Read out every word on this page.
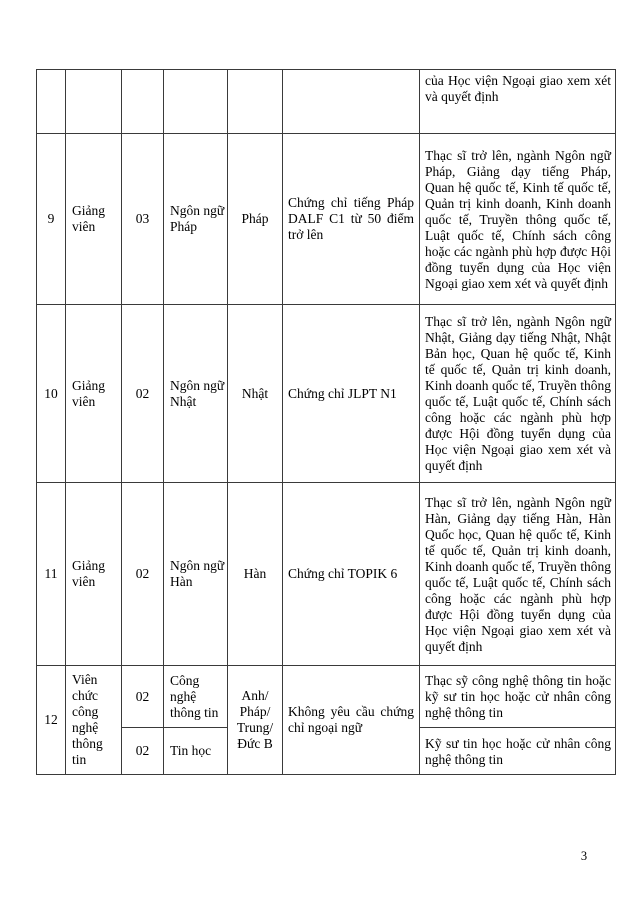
						của Học viện Ngoại giao xem xét và quyết định
9	Giảng viên	03	Ngôn ngữ Pháp	Pháp	Chứng chỉ tiếng Pháp DALF C1 từ 50 điểm trở lên	Thạc sĩ trở lên, ngành Ngôn ngữ Pháp, Giảng dạy tiếng Pháp, Quan hệ quốc tế, Kinh tế quốc tế, Quản trị kinh doanh, Kinh doanh quốc tế, Truyền thông quốc tế, Luật quốc tế, Chính sách công hoặc các ngành phù hợp được Hội đồng tuyển dụng của Học viện Ngoại giao xem xét và quyết định
10	Giảng viên	02	Ngôn ngữ Nhật	Nhật	Chứng chỉ JLPT N1	Thạc sĩ trở lên, ngành Ngôn ngữ Nhật, Giảng dạy tiếng Nhật, Nhật Bản học, Quan hệ quốc tế, Kinh tế quốc tế, Quản trị kinh doanh, Kinh doanh quốc tế, Truyền thông quốc tế, Luật quốc tế, Chính sách công hoặc các ngành phù hợp được Hội đồng tuyển dụng của Học viện Ngoại giao xem xét và quyết định
11	Giảng viên	02	Ngôn ngữ Hàn	Hàn	Chứng chỉ TOPIK 6	Thạc sĩ trở lên, ngành Ngôn ngữ Hàn, Giảng dạy tiếng Hàn, Hàn Quốc học, Quan hệ quốc tế, Kinh tế quốc tế, Quản trị kinh doanh, Kinh doanh quốc tế, Truyền thông quốc tế, Luật quốc tế, Chính sách công hoặc các ngành phù hợp được Hội đồng tuyển dụng của Học viện Ngoại giao xem xét và quyết định
12	Viên chức công nghệ thông tin	02	Công nghệ thông tin	Anh/ Pháp/ Trung/ Đức B	Không yêu cầu chứng chỉ ngoại ngữ	Thạc sỹ công nghệ thông tin hoặc kỹ sư tin học hoặc cử nhân công nghệ thông tin
		02	Tin học			Kỹ sư tin học hoặc cử nhân công nghệ thông tin
3
